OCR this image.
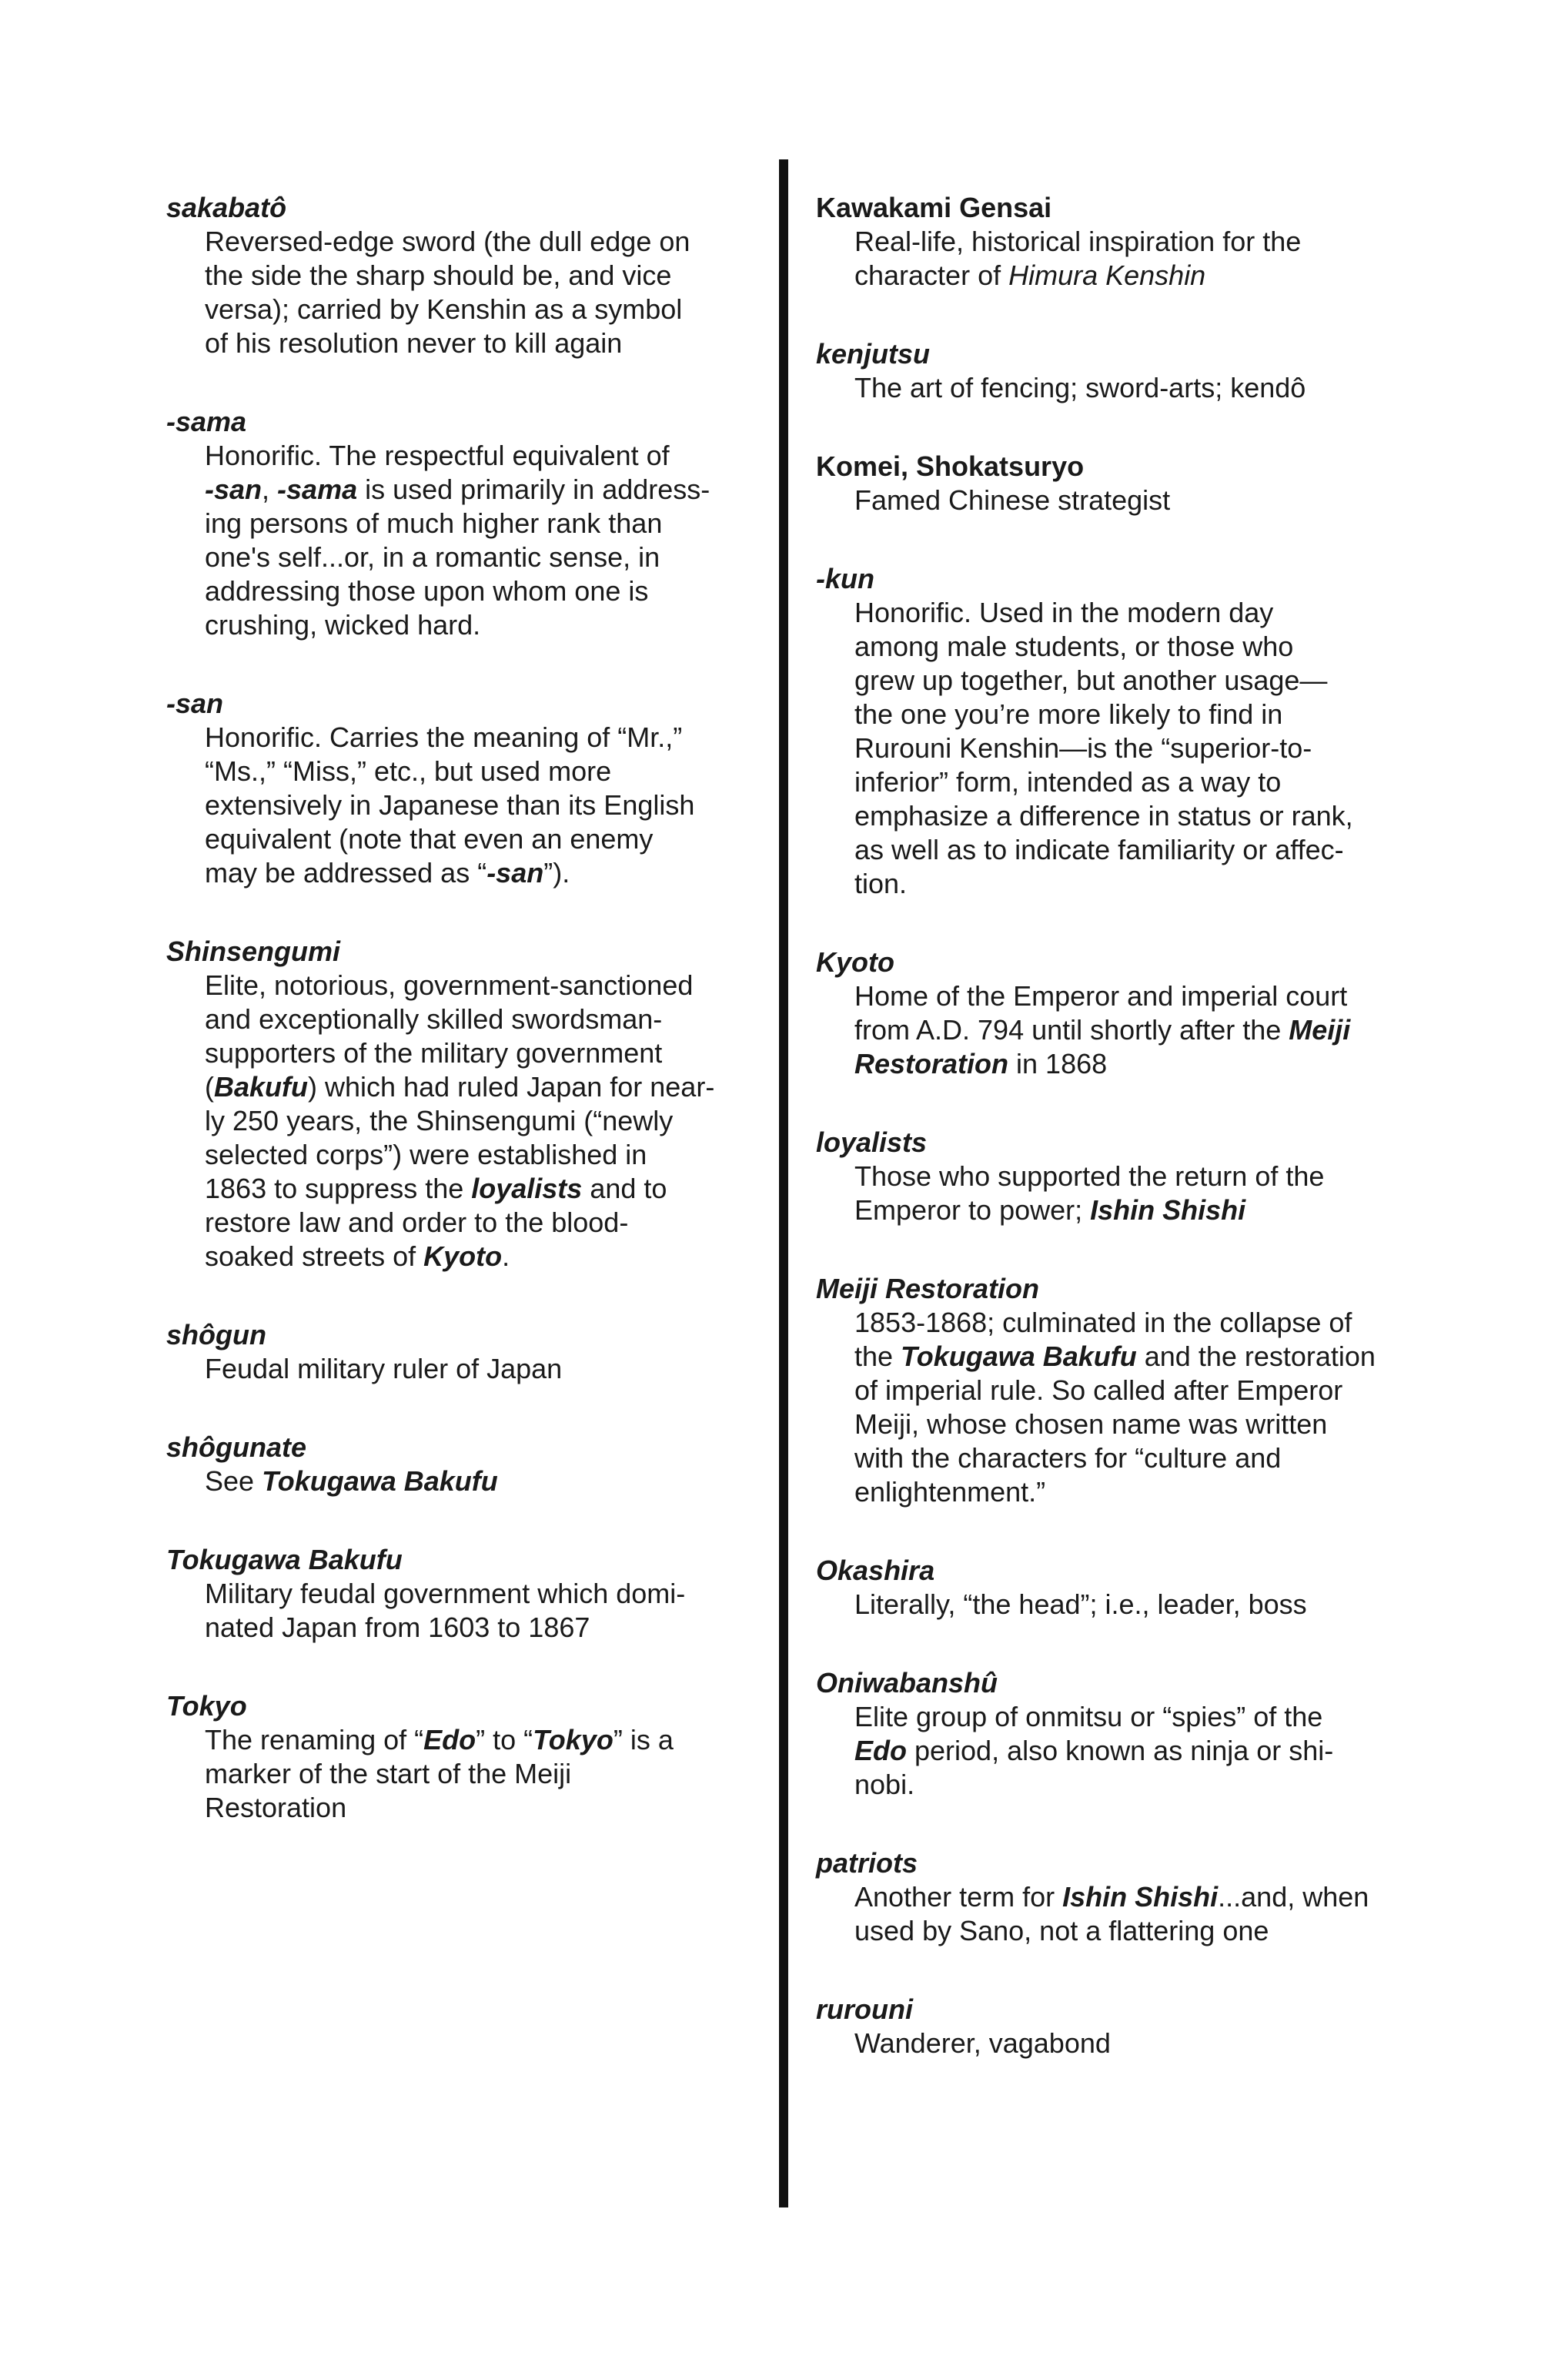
sakabatô
Reversed-edge sword (the dull edge on
the side the sharp should be, and vice
versa); carried by Kenshin as a symbol
of his resolution never to kill again
-sama
Honorific. The respectful equivalent of
-san, -sama is used primarily in address-
ing persons of much higher rank than
one's self...or, in a romantic sense, in
addressing those upon whom one is
crushing, wicked hard.
-san
Honorific. Carries the meaning of “Mr.,”
“Ms.,” “Miss,” etc., but used more
extensively in Japanese than its English
equivalent (note that even an enemy
may be addressed as “-san”).
Shinsengumi
Elite, notorious, government-sanctioned
and exceptionally skilled swordsman-
supporters of the military government
(Bakufu) which had ruled Japan for near-
ly 250 years, the Shinsengumi (“newly
selected corps”) were established in
1863 to suppress the loyalists and to
restore law and order to the blood-
soaked streets of Kyoto.
shôgun
Feudal military ruler of Japan
shôgunate
See Tokugawa Bakufu
Tokugawa Bakufu
Military feudal government which domi-
nated Japan from 1603 to 1867
Tokyo
The renaming of “Edo” to “Tokyo” is a
marker of the start of the Meiji
Restoration
Kawakami Gensai
Real-life, historical inspiration for the
character of Himura Kenshin
kenjutsu
The art of fencing; sword-arts; kendô
Komei, Shokatsuryo
Famed Chinese strategist
-kun
Honorific. Used in the modern day
among male students, or those who
grew up together, but another usage—
the one you’re more likely to find in
Rurouni Kenshin—is the “superior-to-
inferior” form, intended as a way to
emphasize a difference in status or rank,
as well as to indicate familiarity or affec-
tion.
Kyoto
Home of the Emperor and imperial court
from A.D. 794 until shortly after the Meiji
Restoration in 1868
loyalists
Those who supported the return of the
Emperor to power; Ishin Shishi
Meiji Restoration
1853-1868; culminated in the collapse of
the Tokugawa Bakufu and the restoration
of imperial rule. So called after Emperor
Meiji, whose chosen name was written
with the characters for “culture and
enlightenment.”
Okashira
Literally, “the head”; i.e., leader, boss
Oniwabanshû
Elite group of onmitsu or “spies” of the
Edo period, also known as ninja or shi-
nobi.
patriots
Another term for Ishin Shishi...and, when
used by Sano, not a flattering one
rurouni
Wanderer, vagabond
